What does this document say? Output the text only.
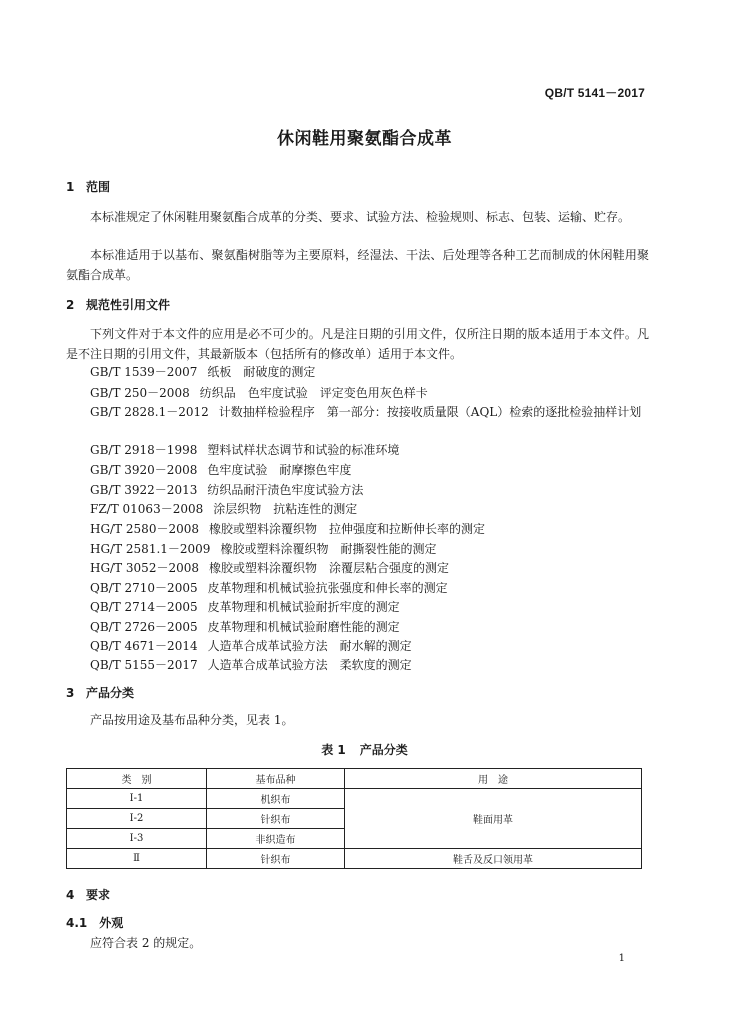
QB/T 5141－2017
休闲鞋用聚氨酯合成革
1 范围
本标准规定了休闲鞋用聚氨酯合成革的分类、要求、试验方法、检验规则、标志、包装、运输、贮存。
本标准适用于以基布、聚氨酯树脂等为主要原料，经湿法、干法、后处理等各种工艺而制成的休闲鞋用聚氨酯合成革。
2 规范性引用文件
下列文件对于本文件的应用是必不可少的。凡是注日期的引用文件，仅所注日期的版本适用于本文件。凡是不注日期的引用文件，其最新版本（包括所有的修改单）适用于本文件。
GB/T 1539－2007 纸板　耐破度的测定
GB/T 250－2008 纺织品　色牢度试验　评定变色用灰色样卡
GB/T 2828.1－2012 计数抽样检验程序　第一部分：按接收质量限（AQL）检索的逐批检验抽样计划
GB/T 2918－1998 塑料试样状态调节和试验的标准环境
GB/T 3920－2008 色牢度试验　耐摩擦色牢度
GB/T 3922－2013 纺织品耐汗渍色牢度试验方法
FZ/T 01063－2008 涂层织物　抗粘连性的测定
HG/T 2580－2008 橡胶或塑料涂覆织物　拉伸强度和拉断伸长率的测定
HG/T 2581.1－2009 橡胶或塑料涂覆织物　耐撕裂性能的测定
HG/T 3052－2008 橡胶或塑料涂覆织物　涂覆层粘合强度的测定
QB/T 2710－2005 皮革物理和机械试验抗张强度和伸长率的测定
QB/T 2714－2005 皮革物理和机械试验耐折牢度的测定
QB/T 2726－2005 皮革物理和机械试验耐磨性能的测定
QB/T 4671－2014 人造革合成革试验方法　耐水解的测定
QB/T 5155－2017 人造革合成革试验方法　柔软度的测定
3 产品分类
产品按用途及基布品种分类，见表 1。
表 1 产品分类
类　别	基布品种	用　途
Ⅰ-1	机织布	鞋面用革
Ⅰ-2	针织布	
Ⅰ-3	非织造布	
Ⅱ	针织布	鞋舌及反口领用革
4 要求
4.1 外观
应符合表 2 的规定。
1
